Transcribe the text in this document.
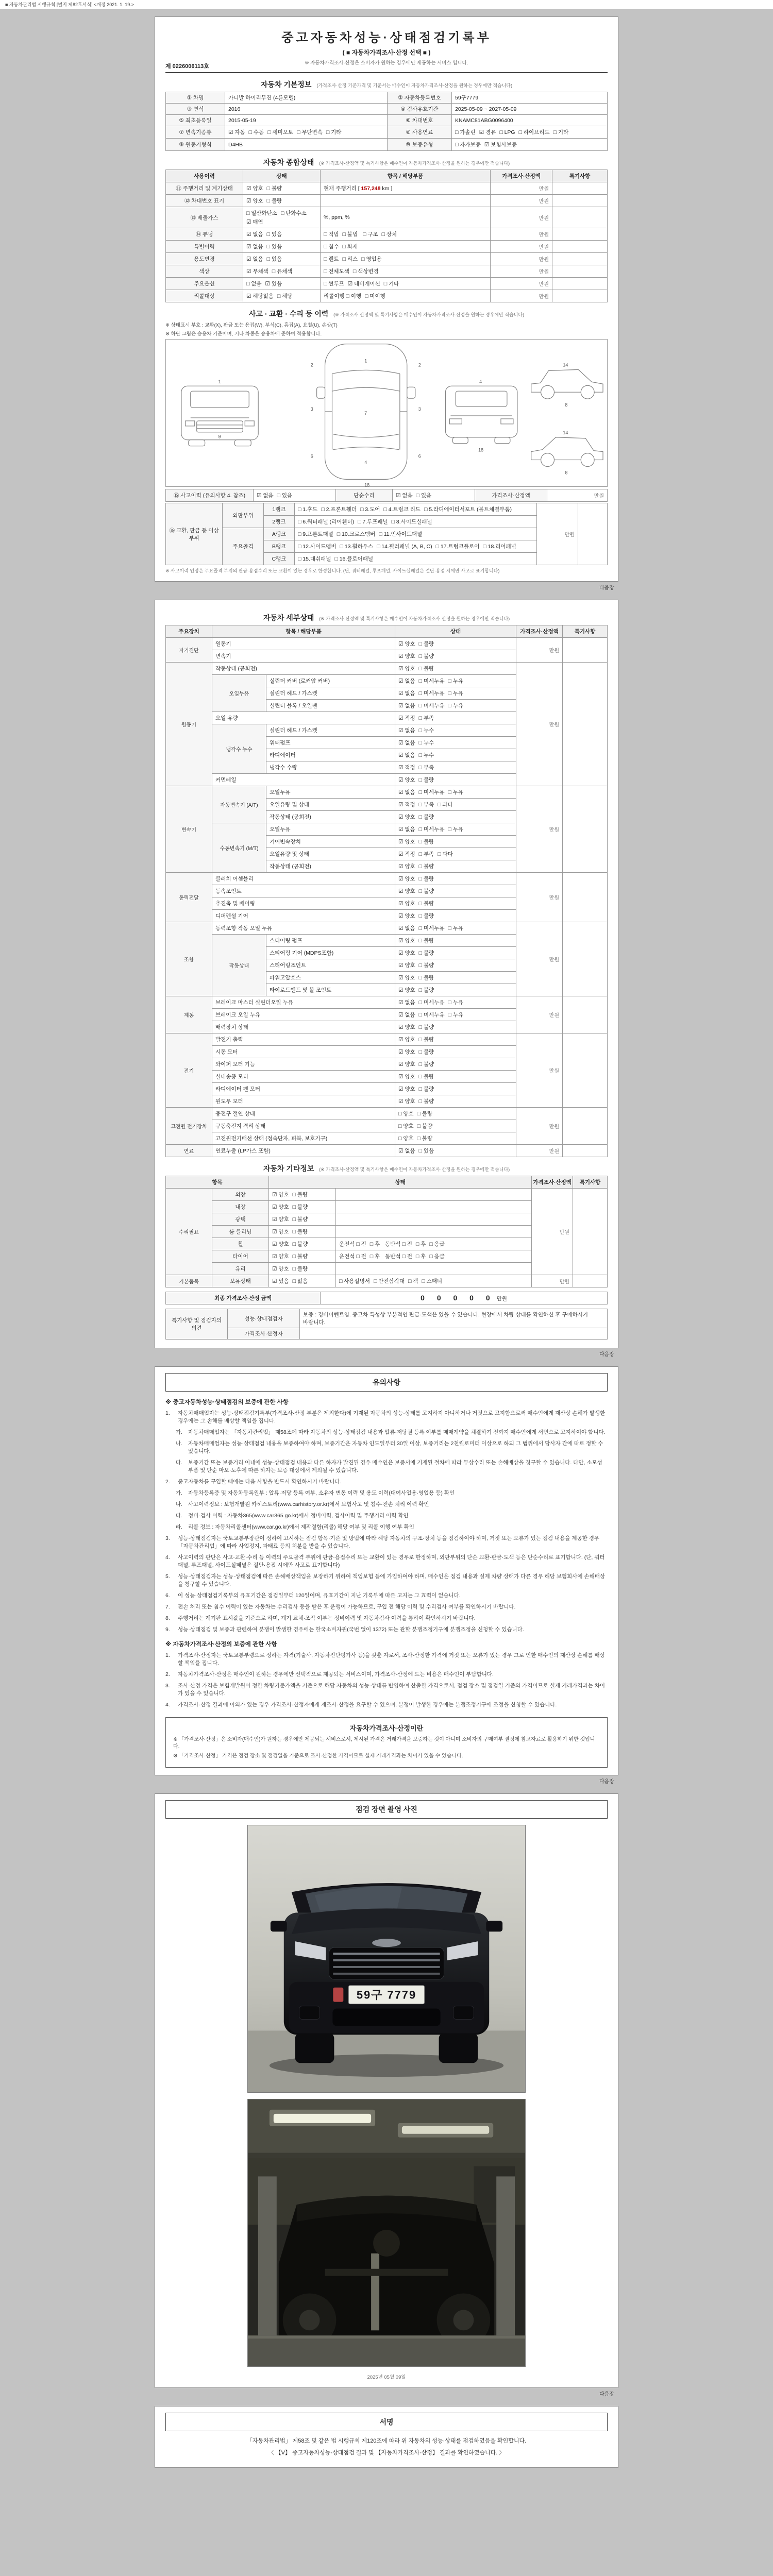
■ 자동차관리법 시행규칙 [별지 제82호서식] <개정 2021. 1. 19.>
중고자동차성능·상태점검기록부
( ■ 자동차가격조사·산정 선택 ■ )
※ 자동차가격조사·산정은 소비자가 원하는 경우에만 제공하는 서비스 입니다.
제 0226006113호
자동차 기본정보 (가격조사·산정 기준가격 및 기준서는 매수인이 자동차가격조사·산정을 원하는 경우에만 적습니다)
① 차명	카니발 하이리무진 (4륜모델)	② 자동차등록번호	59구7779
③ 연식	2016	④ 검사유효기간	2025-05-09 ~ 2027-05-09
⑤ 최초등록일	2015-05-19	⑥ 차대번호	KNAMC81ABG0096400
⑦ 변속기종류	☑ 자동 □ 수동 □ 세미오토 □ 무단변속 □ 기타	⑧ 사용연료	□ 가솔린 ☑ 경유 □ LPG □ 하이브리드 □ 기타
⑨ 원동기형식	D4HB	⑩ 보증유형	□ 자가보증 ☑ 보험사보증
자동차 종합상태 (※ 가격조사·산정액 및 특기사항은 매수인이 자동차가격조사·산정을 원하는 경우에만 적습니다)
사용이력	상태	항목 / 해당부품	가격조사·산정액	특기사항
⑪ 주행거리 및 계기상태	☑ 양호 □ 불량	현재 주행거리 [ 157,248 km ]	만원	
⑫ 차대번호 표기	☑ 양호 □ 불량		만원	
⑬ 배출가스	□ 일산화탄소 □ 탄화수소☑ 매연	%, ppm, %	만원	
⑭ 튜닝	☑ 없음 □ 있음	□ 적법 □ 불법 □ 구조 □ 장치	만원	
특별이력	☑ 없음 □ 있음	□ 침수 □ 화재	만원	
용도변경	☑ 없음 □ 있음	□ 렌트 □ 리스 □ 영업용	만원	
색상	☑ 무채색 □ 유채색	□ 전체도색 □ 색상변경	만원	
주요옵션	□ 없음 ☑ 있음	□ 썬루프 ☑ 네비게이션 □ 기타	만원	
리콜대상	☑ 해당없음 □ 해당	리콜이행 □ 이행 □ 미이행	만원	
사고 · 교환 · 수리 등 이력 (※ 가격조사·산정액 및 특기사항은 매수인이 자동차가격조사·산정을 원하는 경우에만 적습니다)
※ 상태표시 부호 : 교환(X), 판금 또는 용접(W), 부식(C), 흠집(A), 요철(U), 손상(T)
※ 하단 그림은 승용차 기준이며, 기타 차종은 승용차에 준하여 적용합니다.
1
9
1
7
4
2	2
3	3
6	6
18
4
18
14
8
14
8
⑮ 사고이력 (유의사항 4. 참조)	☑ 없음 □ 있음	단순수리	☑ 없음 □ 있음	가격조사·산정액	만원
⑯ 교환, 판금 등 이상 부위	외판부위	1랭크	□ 1.후드 □ 2.프론트휀더 □ 3.도어 □ 4.트렁크 리드 □ 5.라디에이터서포트 (볼트체결부품)	만원	
		2랭크	□ 6.쿼터패널 (리어휀더) □ 7.루프패널 □ 8.사이드실패널		
	주요골격	A랭크	□ 9.프론트패널 □ 10.크로스멤버 □ 11.인사이드패널		
		B랭크	□ 12.사이드멤버 □ 13.휠하우스 □ 14.필러패널 (A, B, C) □ 17.트렁크플로어 □ 18.리어패널		
		C랭크	□ 15.대쉬패널 □ 16.플로어패널		
※ 사고이력 인정은 주요골격 부위의 판금·용접수리 또는 교환이 있는 경우로 한정합니다. (단, 쿼터패널, 루프패널, 사이드실패널은 절단·용접 시에만 사고로 표기합니다)
다음장
자동차 세부상태 (※ 가격조사·산정액 및 특기사항은 매수인이 자동차가격조사·산정을 원하는 경우에만 적습니다)
주요장치	항목 / 해당부품		상태	가격조사·산정액	특기사항
자기진단	원동기		☑ 양호 □ 불량	만원	
	변속기		☑ 양호 □ 불량		
원동기	작동상태 (공회전)		☑ 양호 □ 불량	만원	
	오일누유	실린더 커버 (로커암 커버)	☑ 없음 □ 미세누유 □ 누유		
		실린더 헤드 / 가스켓	☑ 없음 □ 미세누유 □ 누유		
		실린더 블록 / 오일팬	☑ 없음 □ 미세누유 □ 누유		
	오일 유량		☑ 적정 □ 부족		
	냉각수 누수	실린더 헤드 / 가스켓	☑ 없음 □ 누수		
		워터펌프	☑ 없음 □ 누수		
		라디에이터	☑ 없음 □ 누수		
		냉각수 수량	☑ 적정 □ 부족		
	커먼레일		☑ 양호 □ 불량		
변속기	자동변속기 (A/T)	오일누유	☑ 없음 □ 미세누유 □ 누유	만원	
		오일유량 및 상태	☑ 적정 □ 부족 □ 과다		
		작동상태 (공회전)	☑ 양호 □ 불량		
	수동변속기 (M/T)	오일누유	☑ 없음 □ 미세누유 □ 누유		
		기어변속장치	☑ 양호 □ 불량		
		오일유량 및 상태	☑ 적정 □ 부족 □ 과다		
		작동상태 (공회전)	☑ 양호 □ 불량		
동력전달	클러치 어셈블리		☑ 양호 □ 불량	만원	
	등속조인트		☑ 양호 □ 불량		
	추진축 및 베어링		☑ 양호 □ 불량		
	디퍼렌셜 기어		☑ 양호 □ 불량		
조향	동력조향 작동 오일 누유		☑ 없음 □ 미세누유 □ 누유	만원	
	작동상태	스티어링 펌프	☑ 양호 □ 불량		
		스티어링 기어 (MDPS포함)	☑ 양호 □ 불량		
		스티어링조인트	☑ 양호 □ 불량		
		파워고압호스	☑ 양호 □ 불량		
		타이로드엔드 및 볼 조인트	☑ 양호 □ 불량		
제동	브레이크 마스터 실린더오일 누유		☑ 없음 □ 미세누유 □ 누유	만원	
	브레이크 오일 누유		☑ 없음 □ 미세누유 □ 누유		
	배력장치 상태		☑ 양호 □ 불량		
전기	발전기 출력		☑ 양호 □ 불량	만원	
	시동 모터		☑ 양호 □ 불량		
	와이퍼 모터 기능		☑ 양호 □ 불량		
	실내송풍 모터		☑ 양호 □ 불량		
	라디에이터 팬 모터		☑ 양호 □ 불량		
	윈도우 모터		☑ 양호 □ 불량		
고전원 전기장치	충전구 절연 상태		□ 양호 □ 불량	만원	
	구동축전지 격리 상태		□ 양호 □ 불량		
	고전원전기배선 상태 (접속단자, 피복, 보호기구)		□ 양호 □ 불량		
연료	연료누출 (LP가스 포함)		☑ 없음 □ 있음	만원	
자동차 기타정보 (※ 가격조사·산정액 및 특기사항은 매수인이 자동차가격조사·산정을 원하는 경우에만 적습니다)
항목		상태		가격조사·산정액	특기사항
수리필요	외장	☑ 양호 □ 불량		만원	
	내장	☑ 양호 □ 불량			
	광택	☑ 양호 □ 불량			
	룸 클리닝	☑ 양호 □ 불량			
	휠	☑ 양호 □ 불량	운전석 □ 전 □ 후 동반석 □ 전 □ 후 □ 응급		
	타이어	☑ 양호 □ 불량	운전석 □ 전 □ 후 동반석 □ 전 □ 후 □ 응급		
	유리	☑ 양호 □ 불량			
기본품목	보유상태	☑ 있음 □ 없음	□ 사용설명서 □ 안전삼각대 □ 잭 □ 스패너	만원	
최종 가격조사·산정 금액	0 0 0 0 0 만원
특기사항 및 점검자의 의견	성능·상태점검자	보증 : 경비이벤트임. 중고차 특성상 부분적인 판금·도색은 있을 수 있습니다. 현장에서 차량 상태를 확인하신 후 구매하시기 바랍니다.
	가격조사·산정자	
다음장
유의사항
※ 중고자동차성능·상태점검의 보증에 관한 사항
1.	자동차매매업자는 성능·상태점검기록부(가격조사·산정 부분은 제외한다)에 기재된 자동차의 성능·상태를 고지하지 아니하거나 거짓으로 고지함으로써 매수인에게 재산상 손해가 발생한 경우에는 그 손해를 배상할 책임을 집니다.
가.	자동차매매업자는 「자동차관리법」 제58조에 따라 자동차의 성능·상태점검 내용과 압류·저당권 등록 여부를 매매계약을 체결하기 전까지 매수인에게 서면으로 고지하여야 합니다.
나.	자동차매매업자는 성능·상태점검 내용을 보증하여야 하며, 보증기간은 자동차 인도일부터 30일 이상, 보증거리는 2천킬로미터 이상으로 하되 그 범위에서 당사자 간에 따로 정할 수 있습니다.
다.	보증기간 또는 보증거리 이내에 성능·상태점검 내용과 다른 하자가 발견된 경우 매수인은 보증서에 기재된 절차에 따라 무상수리 또는 손해배상을 청구할 수 있습니다. 다만, 소모성 부품 및 단순 마모·노후에 따른 하자는 보증 대상에서 제외될 수 있습니다.
2.	중고자동차를 구입할 때에는 다음 사항을 반드시 확인하시기 바랍니다.
가.	자동차등록증 및 자동차등록원부 : 압류·저당 등록 여부, 소유자 변동 이력 및 용도 이력(대여사업용·영업용 등) 확인
나.	사고이력정보 : 보험개발원 카히스토리(www.carhistory.or.kr)에서 보험사고 및 침수·전손 처리 이력 확인
다.	정비·검사 이력 : 자동차365(www.car365.go.kr)에서 정비이력, 검사이력 및 주행거리 이력 확인
라.	리콜 정보 : 자동차리콜센터(www.car.go.kr)에서 제작결함(리콜) 해당 여부 및 리콜 이행 여부 확인
3.	성능·상태점검자는 국토교통부장관이 정하여 고시하는 점검 항목·기준 및 방법에 따라 해당 자동차의 구조·장치 등을 점검하여야 하며, 거짓 또는 오류가 있는 점검 내용을 제공한 경우 「자동차관리법」에 따라 사업정지, 과태료 등의 처분을 받을 수 있습니다.
4.	사고이력의 판단은 사고·교환·수리 등 이력의 주요골격 부위에 판금·용접수리 또는 교환이 있는 경우로 한정하며, 외판부위의 단순 교환·판금·도색 등은 단순수리로 표기합니다. (단, 쿼터패널, 루프패널, 사이드실패널은 절단·용접 시에만 사고로 표기합니다)
5.	성능·상태점검자는 성능·상태점검에 따른 손해배상책임을 보장하기 위하여 책임보험 등에 가입하여야 하며, 매수인은 점검 내용과 실제 차량 상태가 다른 경우 해당 보험회사에 손해배상을 청구할 수 있습니다.
6.	이 성능·상태점검기록부의 유효기간은 점검일부터 120일이며, 유효기간이 지난 기록부에 따른 고지는 그 효력이 없습니다.
7.	전손 처리 또는 침수 이력이 있는 자동차는 수리검사 등을 받은 후 운행이 가능하므로, 구입 전 해당 이력 및 수리검사 여부를 확인하시기 바랍니다.
8.	주행거리는 계기판 표시값을 기준으로 하며, 계기 교체·조작 여부는 정비이력 및 자동차검사 이력을 통하여 확인하시기 바랍니다.
9.	성능·상태점검 및 보증과 관련하여 분쟁이 발생한 경우에는 한국소비자원(국번 없이 1372) 또는 관할 분쟁조정기구에 분쟁조정을 신청할 수 있습니다.
※ 자동차가격조사·산정의 보증에 관한 사항
1.	가격조사·산정자는 국토교통부령으로 정하는 자격(기술사, 자동차진단평가사 등)을 갖춘 자로서, 조사·산정한 가격에 거짓 또는 오류가 있는 경우 그로 인한 매수인의 재산상 손해를 배상할 책임을 집니다.
2.	자동차가격조사·산정은 매수인이 원하는 경우에만 선택적으로 제공되는 서비스이며, 가격조사·산정에 드는 비용은 매수인이 부담합니다.
3.	조사·산정 가격은 보험개발원이 정한 차량기준가액을 기준으로 해당 자동차의 성능·상태를 반영하여 산출한 가격으로서, 점검 장소 및 점검일 기준의 가격이므로 실제 거래가격과는 차이가 있을 수 있습니다.
4.	가격조사·산정 결과에 이의가 있는 경우 가격조사·산정자에게 재조사·산정을 요구할 수 있으며, 분쟁이 발생한 경우에는 분쟁조정기구에 조정을 신청할 수 있습니다.
자동차가격조사·산정이란
※ 「가격조사·산정」은 소비자(매수인)가 원하는 경우에만 제공되는 서비스로서, 제시된 가격은 거래가격을 보증하는 것이 아니며 소비자의 구매여부 결정에 참고자료로 활용하기 위한 것입니다.
※ 「가격조사·산정」 가격은 점검 장소 및 점검일을 기준으로 조사·산정한 가격이므로 실제 거래가격과는 차이가 있을 수 있습니다.
다음장
점검 장면 촬영 사진
59구 7779
2025년 05월 09일
다음장
서명
「자동차관리법」 제58조 및 같은 법 시행규칙 제120조에 따라 위 자동차의 성능·상태를 점검하였음을 확인합니다.
〈 【V】 중고자동차성능·상태점검 결과 및 【자동차가격조사·산정】 결과를 확인하였습니다. 〉
